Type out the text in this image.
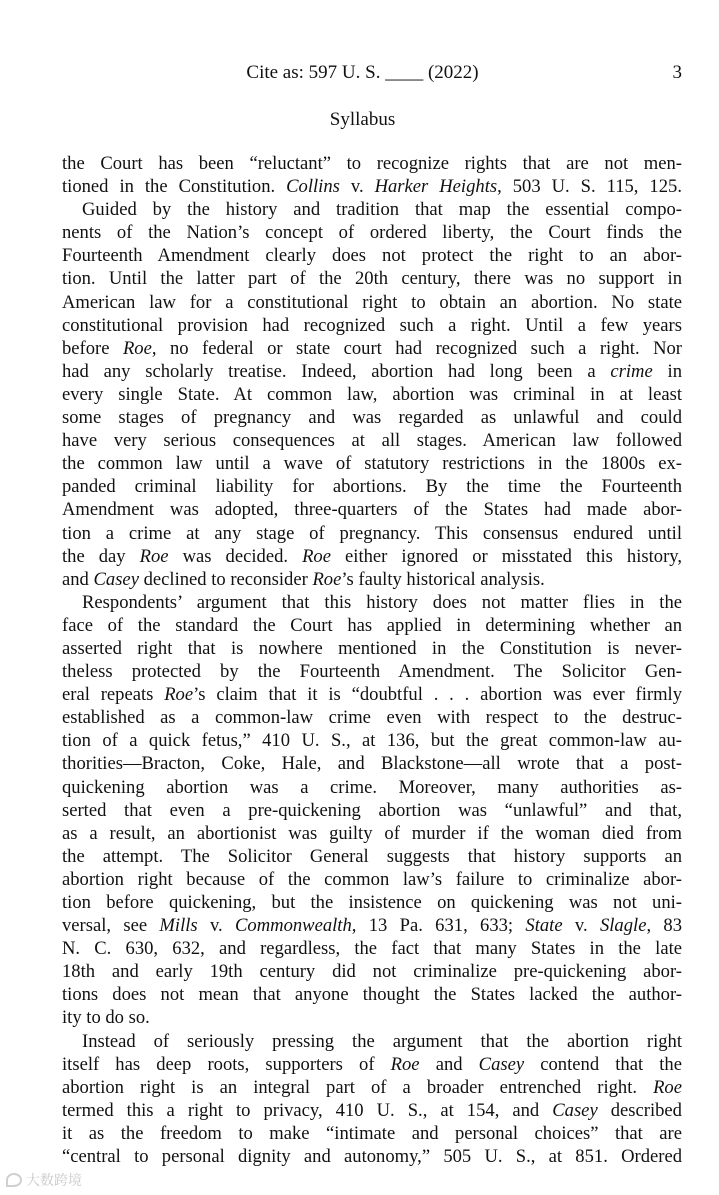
Cite as: 597 U. S. ____ (2022)	3
Syllabus
the Court has been “reluctant” to recognize rights that are not men-
tioned in the Constitution. Collins v. Harker Heights, 503 U. S. 115, 125.
Guided by the history and tradition that map the essential compo-
nents of the Nation’s concept of ordered liberty, the Court finds the
Fourteenth Amendment clearly does not protect the right to an abor-
tion. Until the latter part of the 20th century, there was no support in
American law for a constitutional right to obtain an abortion. No state
constitutional provision had recognized such a right. Until a few years
before Roe, no federal or state court had recognized such a right. Nor
had any scholarly treatise. Indeed, abortion had long been a crime in
every single State. At common law, abortion was criminal in at least
some stages of pregnancy and was regarded as unlawful and could
have very serious consequences at all stages. American law followed
the common law until a wave of statutory restrictions in the 1800s ex-
panded criminal liability for abortions. By the time the Fourteenth
Amendment was adopted, three-quarters of the States had made abor-
tion a crime at any stage of pregnancy. This consensus endured until
the day Roe was decided. Roe either ignored or misstated this history,
and Casey declined to reconsider Roe’s faulty historical analysis.
Respondents’ argument that this history does not matter flies in the
face of the standard the Court has applied in determining whether an
asserted right that is nowhere mentioned in the Constitution is never-
theless protected by the Fourteenth Amendment. The Solicitor Gen-
eral repeats Roe’s claim that it is “doubtful . . . abortion was ever firmly
established as a common-law crime even with respect to the destruc-
tion of a quick fetus,” 410 U. S., at 136, but the great common-law au-
thorities—Bracton, Coke, Hale, and Blackstone—all wrote that a post-
quickening abortion was a crime. Moreover, many authorities as-
serted that even a pre-quickening abortion was “unlawful” and that,
as a result, an abortionist was guilty of murder if the woman died from
the attempt. The Solicitor General suggests that history supports an
abortion right because of the common law’s failure to criminalize abor-
tion before quickening, but the insistence on quickening was not uni-
versal, see Mills v. Commonwealth, 13 Pa. 631, 633; State v. Slagle, 83
N. C. 630, 632, and regardless, the fact that many States in the late
18th and early 19th century did not criminalize pre-quickening abor-
tions does not mean that anyone thought the States lacked the author-
ity to do so.
Instead of seriously pressing the argument that the abortion right
itself has deep roots, supporters of Roe and Casey contend that the
abortion right is an integral part of a broader entrenched right. Roe
termed this a right to privacy, 410 U. S., at 154, and Casey described
it as the freedom to make “intimate and personal choices” that are
“central to personal dignity and autonomy,” 505 U. S., at 851. Ordered
大数跨境
